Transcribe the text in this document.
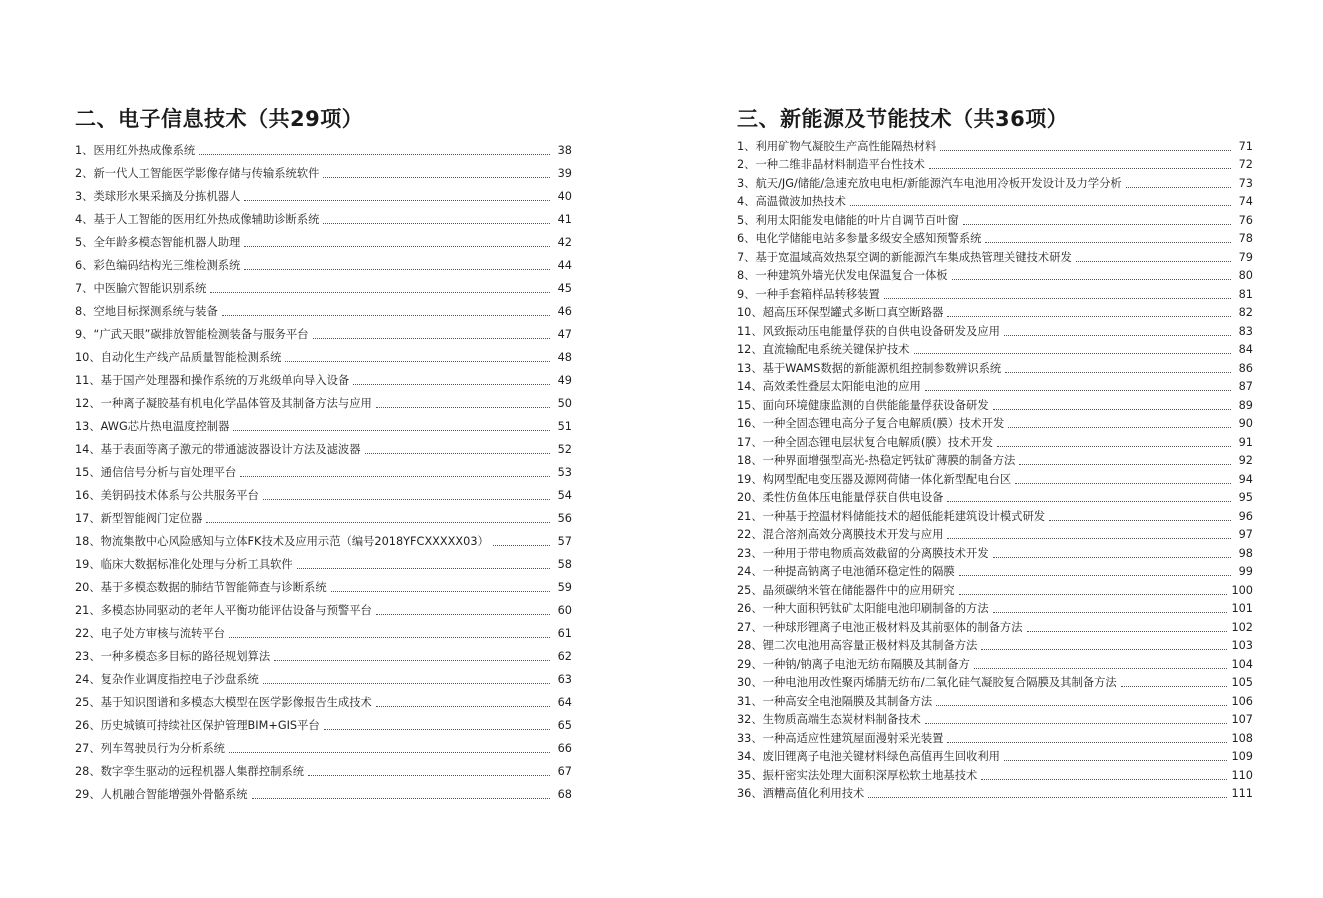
二、电子信息技术（共29项）
1、医用红外热成像系统	38
2、新一代人工智能医学影像存储与传输系统软件	39
3、类球形水果采摘及分拣机器人	40
4、基于人工智能的医用红外热成像辅助诊断系统	41
5、全年龄多模态智能机器人助理	42
6、彩色编码结构光三维检测系统	44
7、中医腧穴智能识别系统	45
8、空地目标探测系统与装备	46
9、“广武天眼”碳排放智能检测装备与服务平台	47
10、自动化生产线产品质量智能检测系统	48
11、基于国产处理器和操作系统的万兆级单向导入设备	49
12、一种离子凝胶基有机电化学晶体管及其制备方法与应用	50
13、AWG芯片热电温度控制器	51
14、基于表面等离子激元的带通滤波器设计方法及滤波器	52
15、通信信号分析与盲处理平台	53
16、美钥码技术体系与公共服务平台	54
17、新型智能阀门定位器	56
18、物流集散中心风险感知与立体FK技术及应用示范（编号2018YFCXXXXX03）	57
19、临床大数据标准化处理与分析工具软件	58
20、基于多模态数据的肺结节智能筛查与诊断系统	59
21、多模态协同驱动的老年人平衡功能评估设备与预警平台	60
22、电子处方审核与流转平台	61
23、一种多模态多目标的路径规划算法	62
24、复杂作业调度指控电子沙盘系统	63
25、基于知识图谱和多模态大模型在医学影像报告生成技术	64
26、历史城镇可持续社区保护管理BIM+GIS平台	65
27、列车驾驶员行为分析系统	66
28、数字孪生驱动的远程机器人集群控制系统	67
29、人机融合智能增强外骨骼系统	68
三、新能源及节能技术（共36项）
1、利用矿物气凝胶生产高性能隔热材料	71
2、一种二维非晶材料制造平台性技术	72
3、航天/JG/储能/急速充放电电柜/新能源汽车电池用冷板开发设计及力学分析	73
4、高温微波加热技术	74
5、利用太阳能发电储能的叶片自调节百叶窗	76
6、电化学储能电站多参量多级安全感知预警系统	78
7、基于宽温域高效热泵空调的新能源汽车集成热管理关键技术研发	79
8、一种建筑外墙光伏发电保温复合一体板	80
9、一种手套箱样品转移装置	81
10、超高压环保型罐式多断口真空断路器	82
11、风致振动压电能量俘获的自供电设备研发及应用	83
12、直流输配电系统关键保护技术	84
13、基于WAMS数据的新能源机组控制参数辨识系统	86
14、高效柔性叠层太阳能电池的应用	87
15、面向环境健康监测的自供能能量俘获设备研发	89
16、一种全固态锂电高分子复合电解质(膜）技术开发	90
17、一种全固态锂电层状复合电解质(膜）技术开发	91
18、一种界面增强型高光-热稳定钙钛矿薄膜的制备方法	92
19、构网型配电变压器及源网荷储一体化新型配电台区	94
20、柔性仿鱼体压电能量俘获自供电设备	95
21、一种基于控温材料储能技术的超低能耗建筑设计模式研发	96
22、混合溶剂高效分离膜技术开发与应用	97
23、一种用于带电物质高效截留的分离膜技术开发	98
24、一种提高钠离子电池循环稳定性的隔膜	99
25、晶须碳纳米管在储能器件中的应用研究	100
26、一种大面积钙钛矿太阳能电池印刷制备的方法	101
27、一种球形锂离子电池正极材料及其前驱体的制备方法	102
28、锂二次电池用高容量正极材料及其制备方法	103
29、一种钠/钠离子电池无纺布隔膜及其制备方	104
30、一种电池用改性聚丙烯腈无纺布/二氧化硅气凝胶复合隔膜及其制备方法	105
31、一种高安全电池隔膜及其制备方法	106
32、生物质高端生态炭材料制备技术	107
33、一种高适应性建筑屋面漫射采光装置	108
34、废旧锂离子电池关键材料绿色高值再生回收利用	109
35、振杆密实法处理大面积深厚松软土地基技术	110
36、酒糟高值化利用技术	111
